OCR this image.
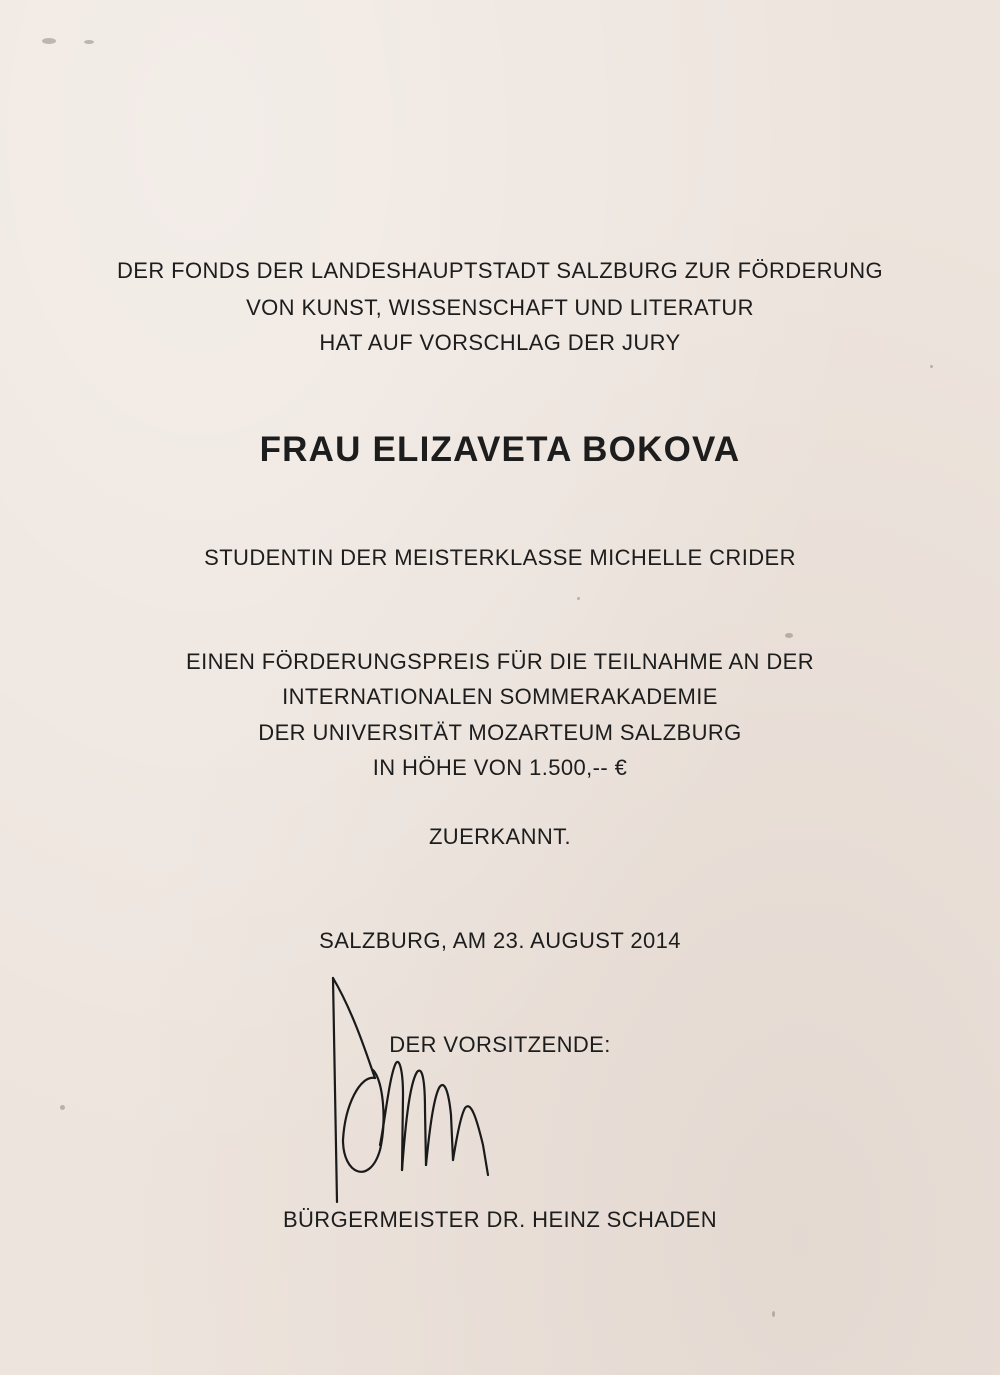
DER FONDS DER LANDESHAUPTSTADT SALZBURG ZUR FÖRDERUNG
VON KUNST, WISSENSCHAFT UND LITERATUR
HAT AUF VORSCHLAG DER JURY
FRAU ELIZAVETA BOKOVA
STUDENTIN DER MEISTERKLASSE MICHELLE CRIDER
EINEN FÖRDERUNGSPREIS FÜR DIE TEILNAHME AN DER
INTERNATIONALEN SOMMERAKADEMIE
DER UNIVERSITÄT MOZARTEUM SALZBURG
IN HÖHE VON 1.500,-- €
ZUERKANNT.
SALZBURG, AM 23. AUGUST 2014
DER VORSITZENDE:
BÜRGERMEISTER DR. HEINZ SCHADEN
